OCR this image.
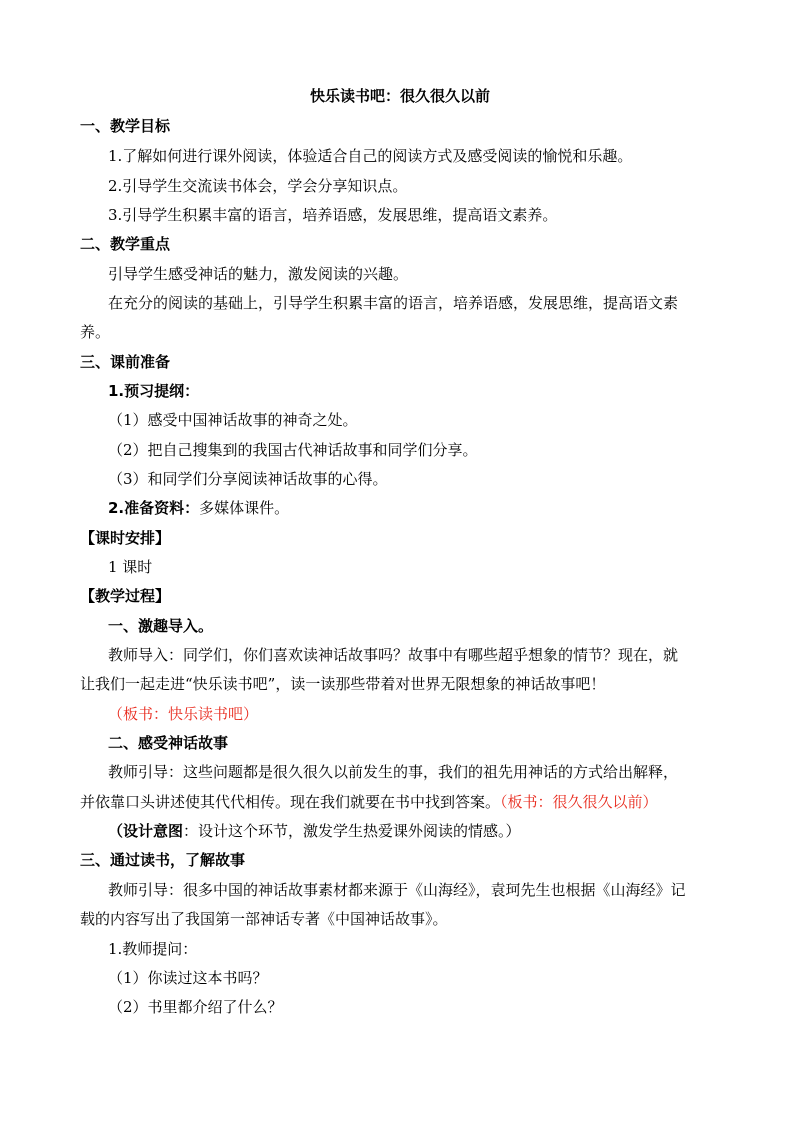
快乐读书吧：很久很久以前
一、教学目标
1.了解如何进行课外阅读，体验适合自己的阅读方式及感受阅读的愉悦和乐趣。
2.引导学生交流读书体会，学会分享知识点。
3.引导学生积累丰富的语言，培养语感，发展思维，提高语文素养。
二、教学重点
引导学生感受神话的魅力，激发阅读的兴趣。
在充分的阅读的基础上，引导学生积累丰富的语言，培养语感，发展思维，提高语文素
养。
三、课前准备
1.预习提纲：
（1）感受中国神话故事的神奇之处。
（2）把自己搜集到的我国古代神话故事和同学们分享。
（3）和同学们分享阅读神话故事的心得。
2.准备资料：多媒体课件。
【课时安排】
1 课时
【教学过程】
一、激趣导入。
教师导入：同学们，你们喜欢读神话故事吗？故事中有哪些超乎想象的情节？现在，就
让我们一起走进“快乐读书吧”，读一读那些带着对世界无限想象的神话故事吧！
（板书：快乐读书吧）
二、感受神话故事
教师引导：这些问题都是很久很久以前发生的事，我们的祖先用神话的方式给出解释，
并依靠口头讲述使其代代相传。现在我们就要在书中找到答案。（板书：很久很久以前）
（设计意图：设计这个环节，激发学生热爱课外阅读的情感。）
三、通过读书，了解故事
教师引导：很多中国的神话故事素材都来源于《山海经》，袁珂先生也根据《山海经》记
载的内容写出了我国第一部神话专著《中国神话故事》。
1.教师提问：
（1）你读过这本书吗？
（2）书里都介绍了什么？
